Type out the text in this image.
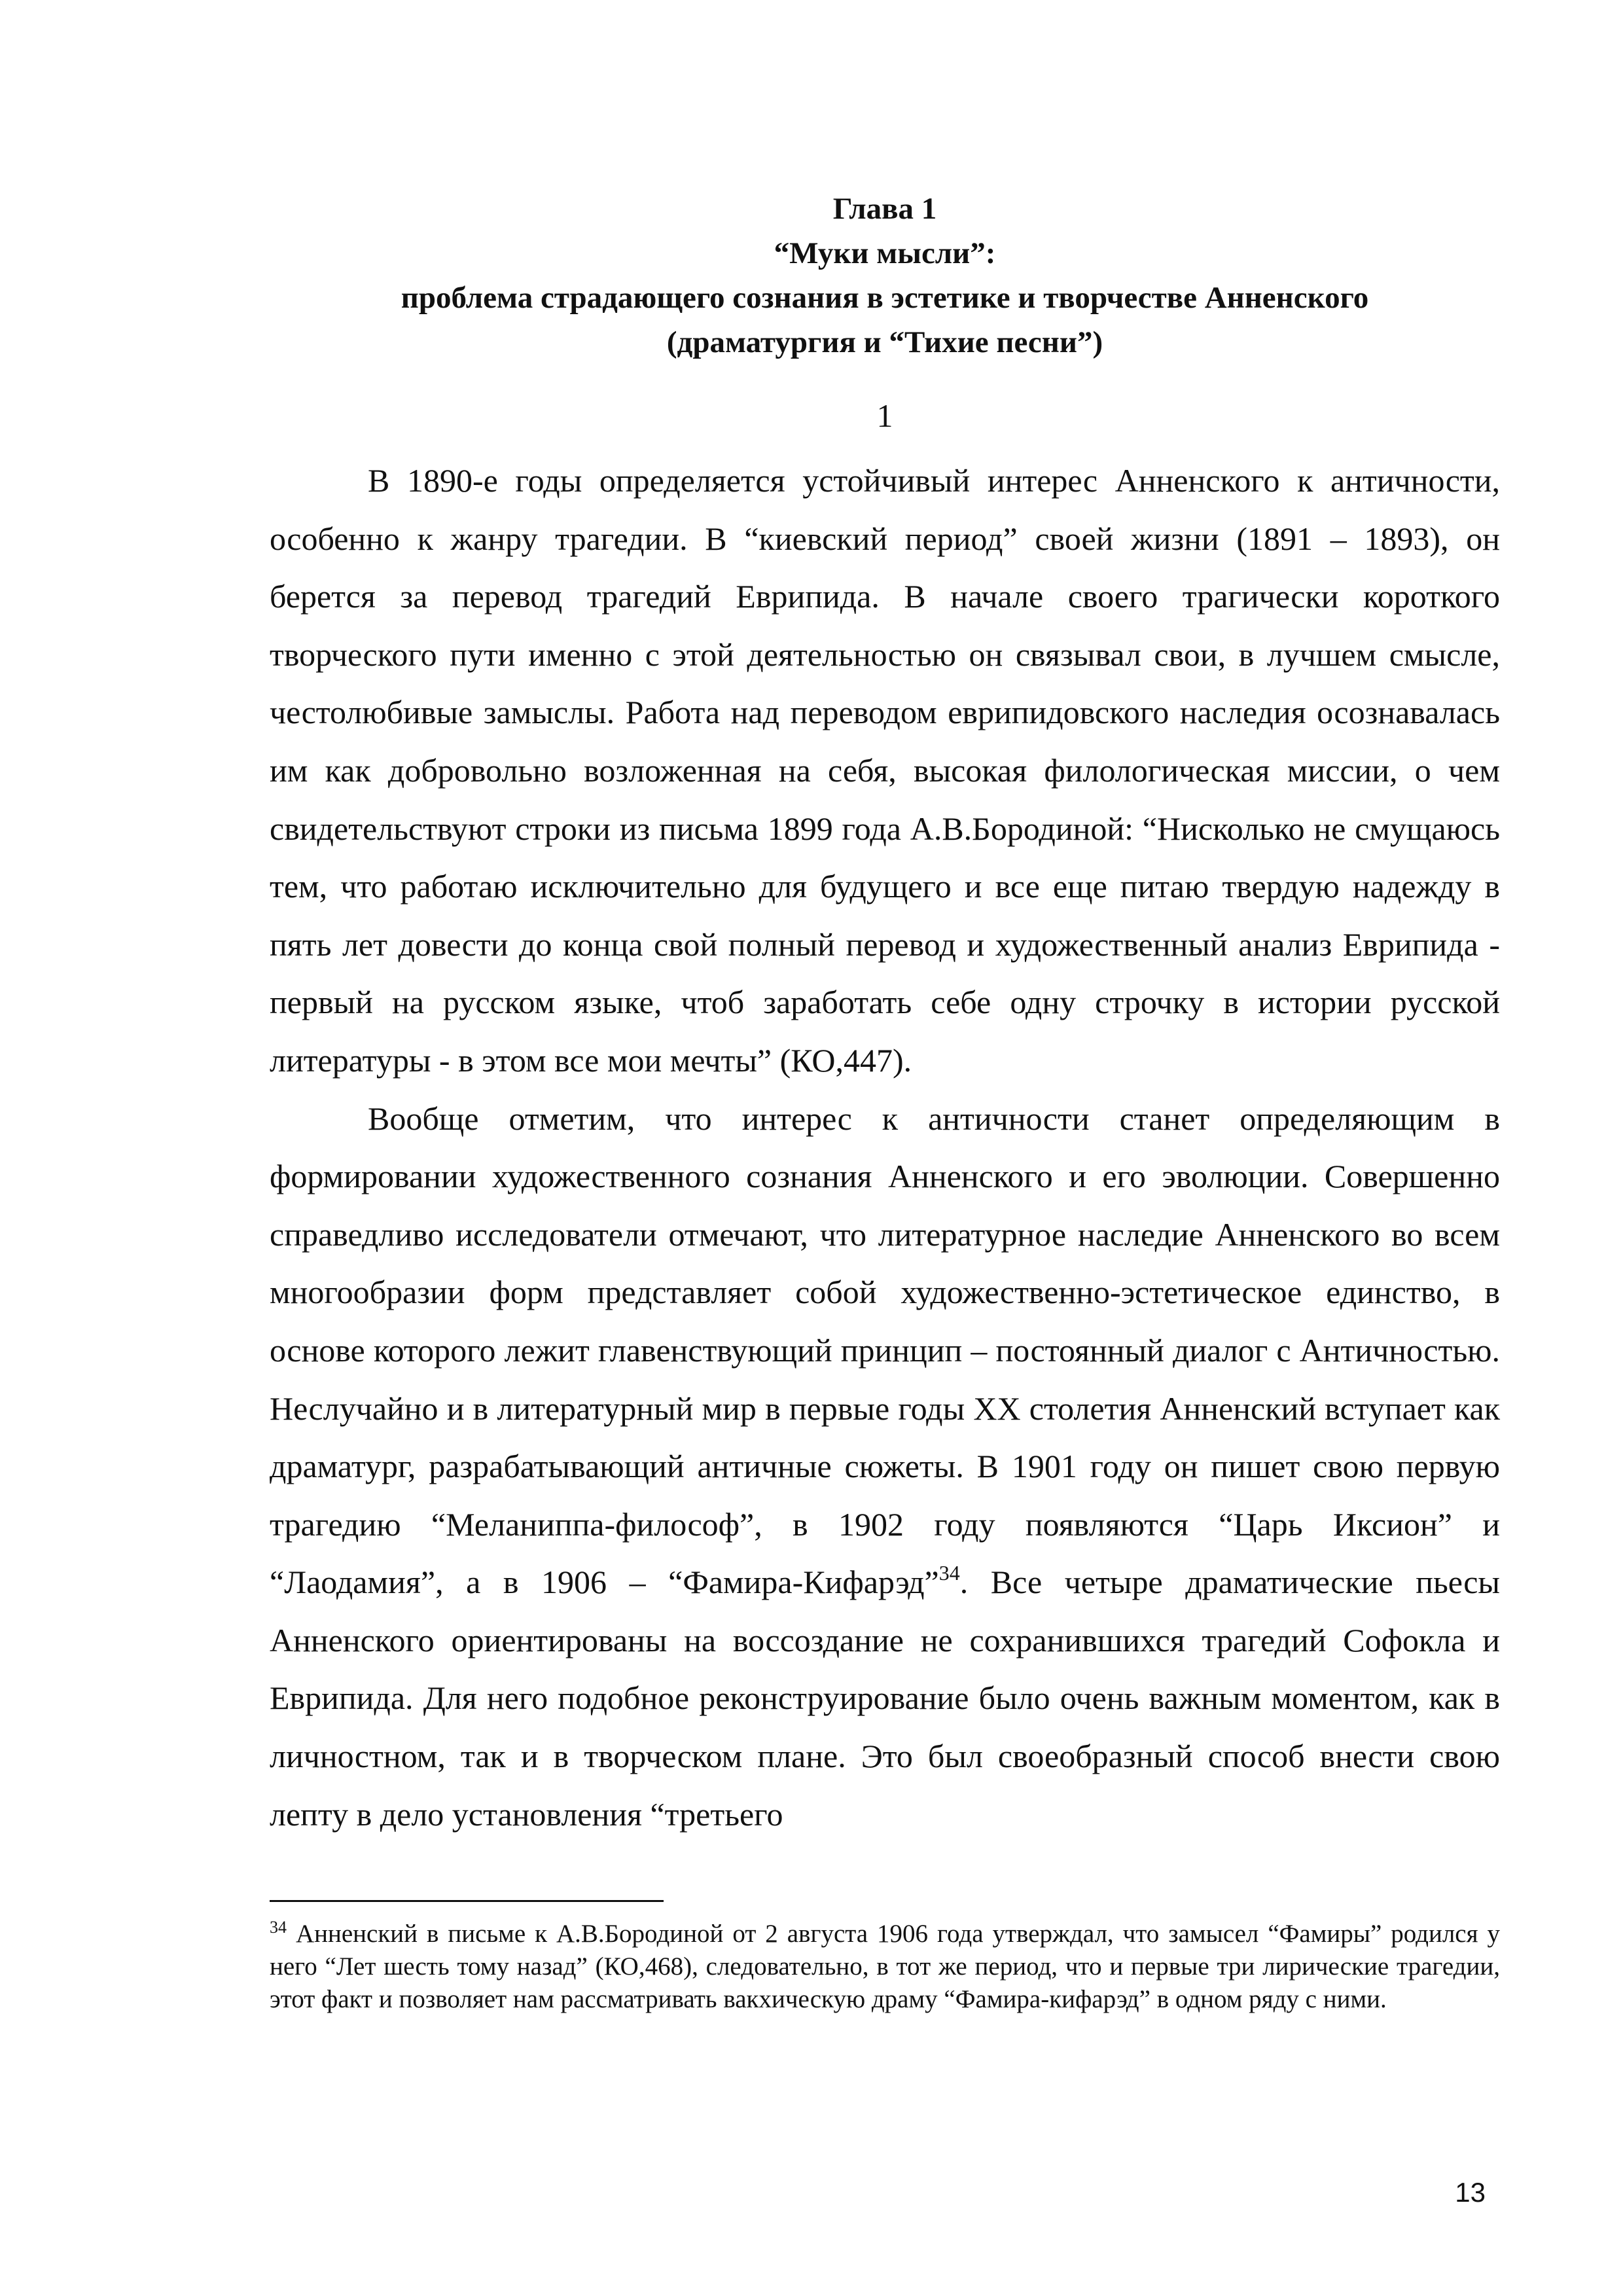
Глава 1
“Муки мысли”:
проблема страдающего сознания в эстетике и творчестве Анненского
(драматургия и “Тихие песни”)
1

В 1890-е годы определяется устойчивый интерес Анненского к античности, особенно к жанру трагедии. В “киевский период” своей жизни (1891 – 1893), он берется за перевод трагедий Еврипида. В начале своего трагически короткого творческого пути именно с этой деятельностью он связывал свои, в лучшем смысле, честолюбивые замыслы. Работа над переводом еврипидовского наследия осознавалась им как добровольно возложенная на себя, высокая филологическая миссии, о чем свидетельствуют строки из письма 1899 года А.В.Бородиной: “Нисколько не смущаюсь тем, что работаю исключительно для будущего и все еще питаю твердую надежду в пять лет довести до конца свой полный перевод и художественный анализ Еврипида - первый на русском языке, чтоб заработать себе одну строчку в истории русской литературы - в этом все мои мечты” (КО,447).

Вообще отметим, что интерес к античности станет определяющим в формировании художественного сознания Анненского и его эволюции. Совершенно справедливо исследователи отмечают, что литературное наследие Анненского во всем многообразии форм представляет собой художественно-эстетическое единство, в основе которого лежит главенствующий принцип – постоянный диалог с Античностью. Неслучайно и в литературный мир в первые годы XX столетия Анненский вступает как драматург, разрабатывающий античные сюжеты. В 1901 году он пишет свою первую трагедию “Меланиппа-философ”, в 1902 году появляются “Царь Иксион” и “Лаодамия”, а в 1906 – “Фамира-Кифарэд”$^{34}$. Все четыре драматические пьесы Анненского ориентированы на воссоздание не сохранившихся трагедий Софокла и Еврипида. Для него подобное реконструирование было очень важным моментом, как в личностном, так и в творческом плане. Это был своеобразный способ внести свою лепту в дело установления “третьего

$^{34}$ Анненский в письме к А.В.Бородиной от 2 августа 1906 года утверждал, что замысел “Фамиры” родился у него “Лет шесть тому назад” (КО,468), следовательно, в тот же период, что и первые три лирические трагедии, этот факт и позволяет нам рассматривать вакхическую драму “Фамира-кифарэд” в одном ряду с ними.
13
